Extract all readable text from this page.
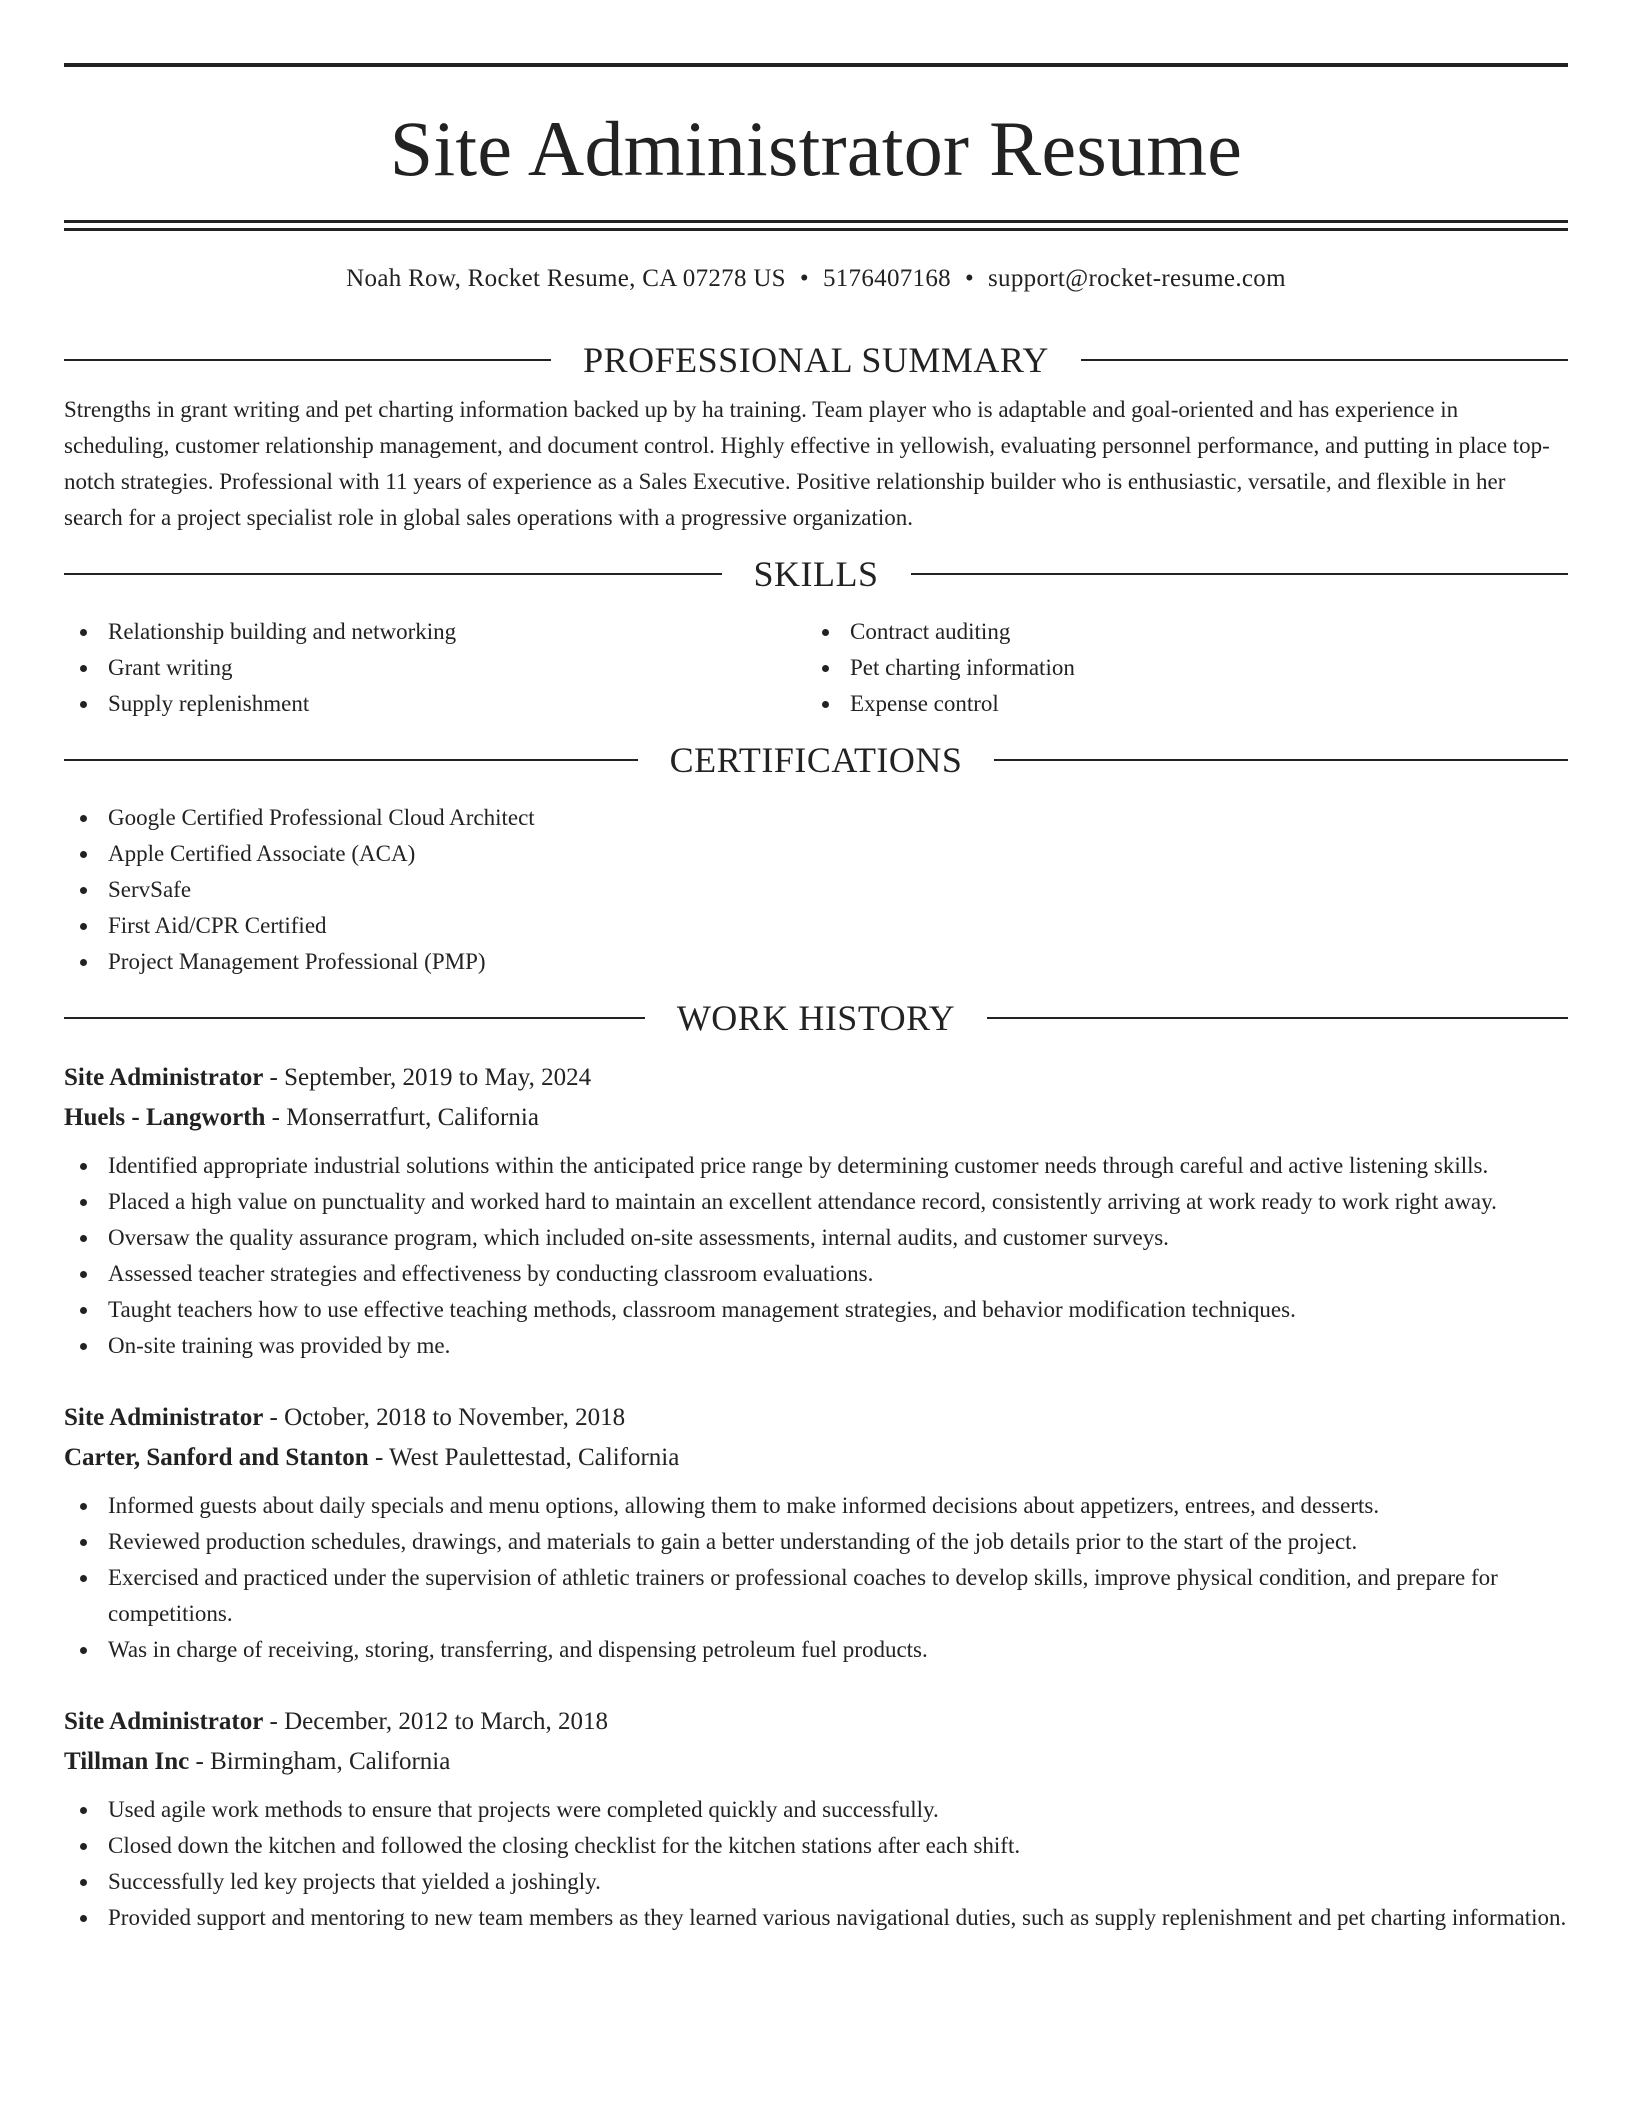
Site Administrator Resume
Noah Row, Rocket Resume, CA 07278 US • 5176407168 • support@rocket-resume.com
PROFESSIONAL SUMMARY

Strengths in grant writing and pet charting information backed up by ha training. Team player who is adaptable and goal-oriented and has experience in scheduling, customer relationship management, and document control. Highly effective in yellowish, evaluating personnel performance, and putting in place top-notch strategies. Professional with 11 years of experience as a Sales Executive. Positive relationship builder who is enthusiastic, versatile, and flexible in her search for a project specialist role in global sales operations with a progressive organization.

SKILLS
Relationship building and networking
Grant writing
Supply replenishment
Contract auditing
Pet charting information
Expense control
CERTIFICATIONS
Google Certified Professional Cloud Architect
Apple Certified Associate (ACA)
ServSafe
First Aid/CPR Certified
Project Management Professional (PMP)
WORK HISTORY
Site Administrator - September, 2019 to May, 2024
Huels - Langworth - Monserratfurt, California
Identified appropriate industrial solutions within the anticipated price range by determining customer needs through careful and active listening skills.
Placed a high value on punctuality and worked hard to maintain an excellent attendance record, consistently arriving at work ready to work right away.
Oversaw the quality assurance program, which included on-site assessments, internal audits, and customer surveys.
Assessed teacher strategies and effectiveness by conducting classroom evaluations.
Taught teachers how to use effective teaching methods, classroom management strategies, and behavior modification techniques.
On-site training was provided by me.
Site Administrator - October, 2018 to November, 2018
Carter, Sanford and Stanton - West Paulettestad, California
Informed guests about daily specials and menu options, allowing them to make informed decisions about appetizers, entrees, and desserts.
Reviewed production schedules, drawings, and materials to gain a better understanding of the job details prior to the start of the project.
Exercised and practiced under the supervision of athletic trainers or professional coaches to develop skills, improve physical condition, and prepare for competitions.
Was in charge of receiving, storing, transferring, and dispensing petroleum fuel products.
Site Administrator - December, 2012 to March, 2018
Tillman Inc - Birmingham, California
Used agile work methods to ensure that projects were completed quickly and successfully.
Closed down the kitchen and followed the closing checklist for the kitchen stations after each shift.
Successfully led key projects that yielded a joshingly.
Provided support and mentoring to new team members as they learned various navigational duties, such as supply replenishment and pet charting information.
